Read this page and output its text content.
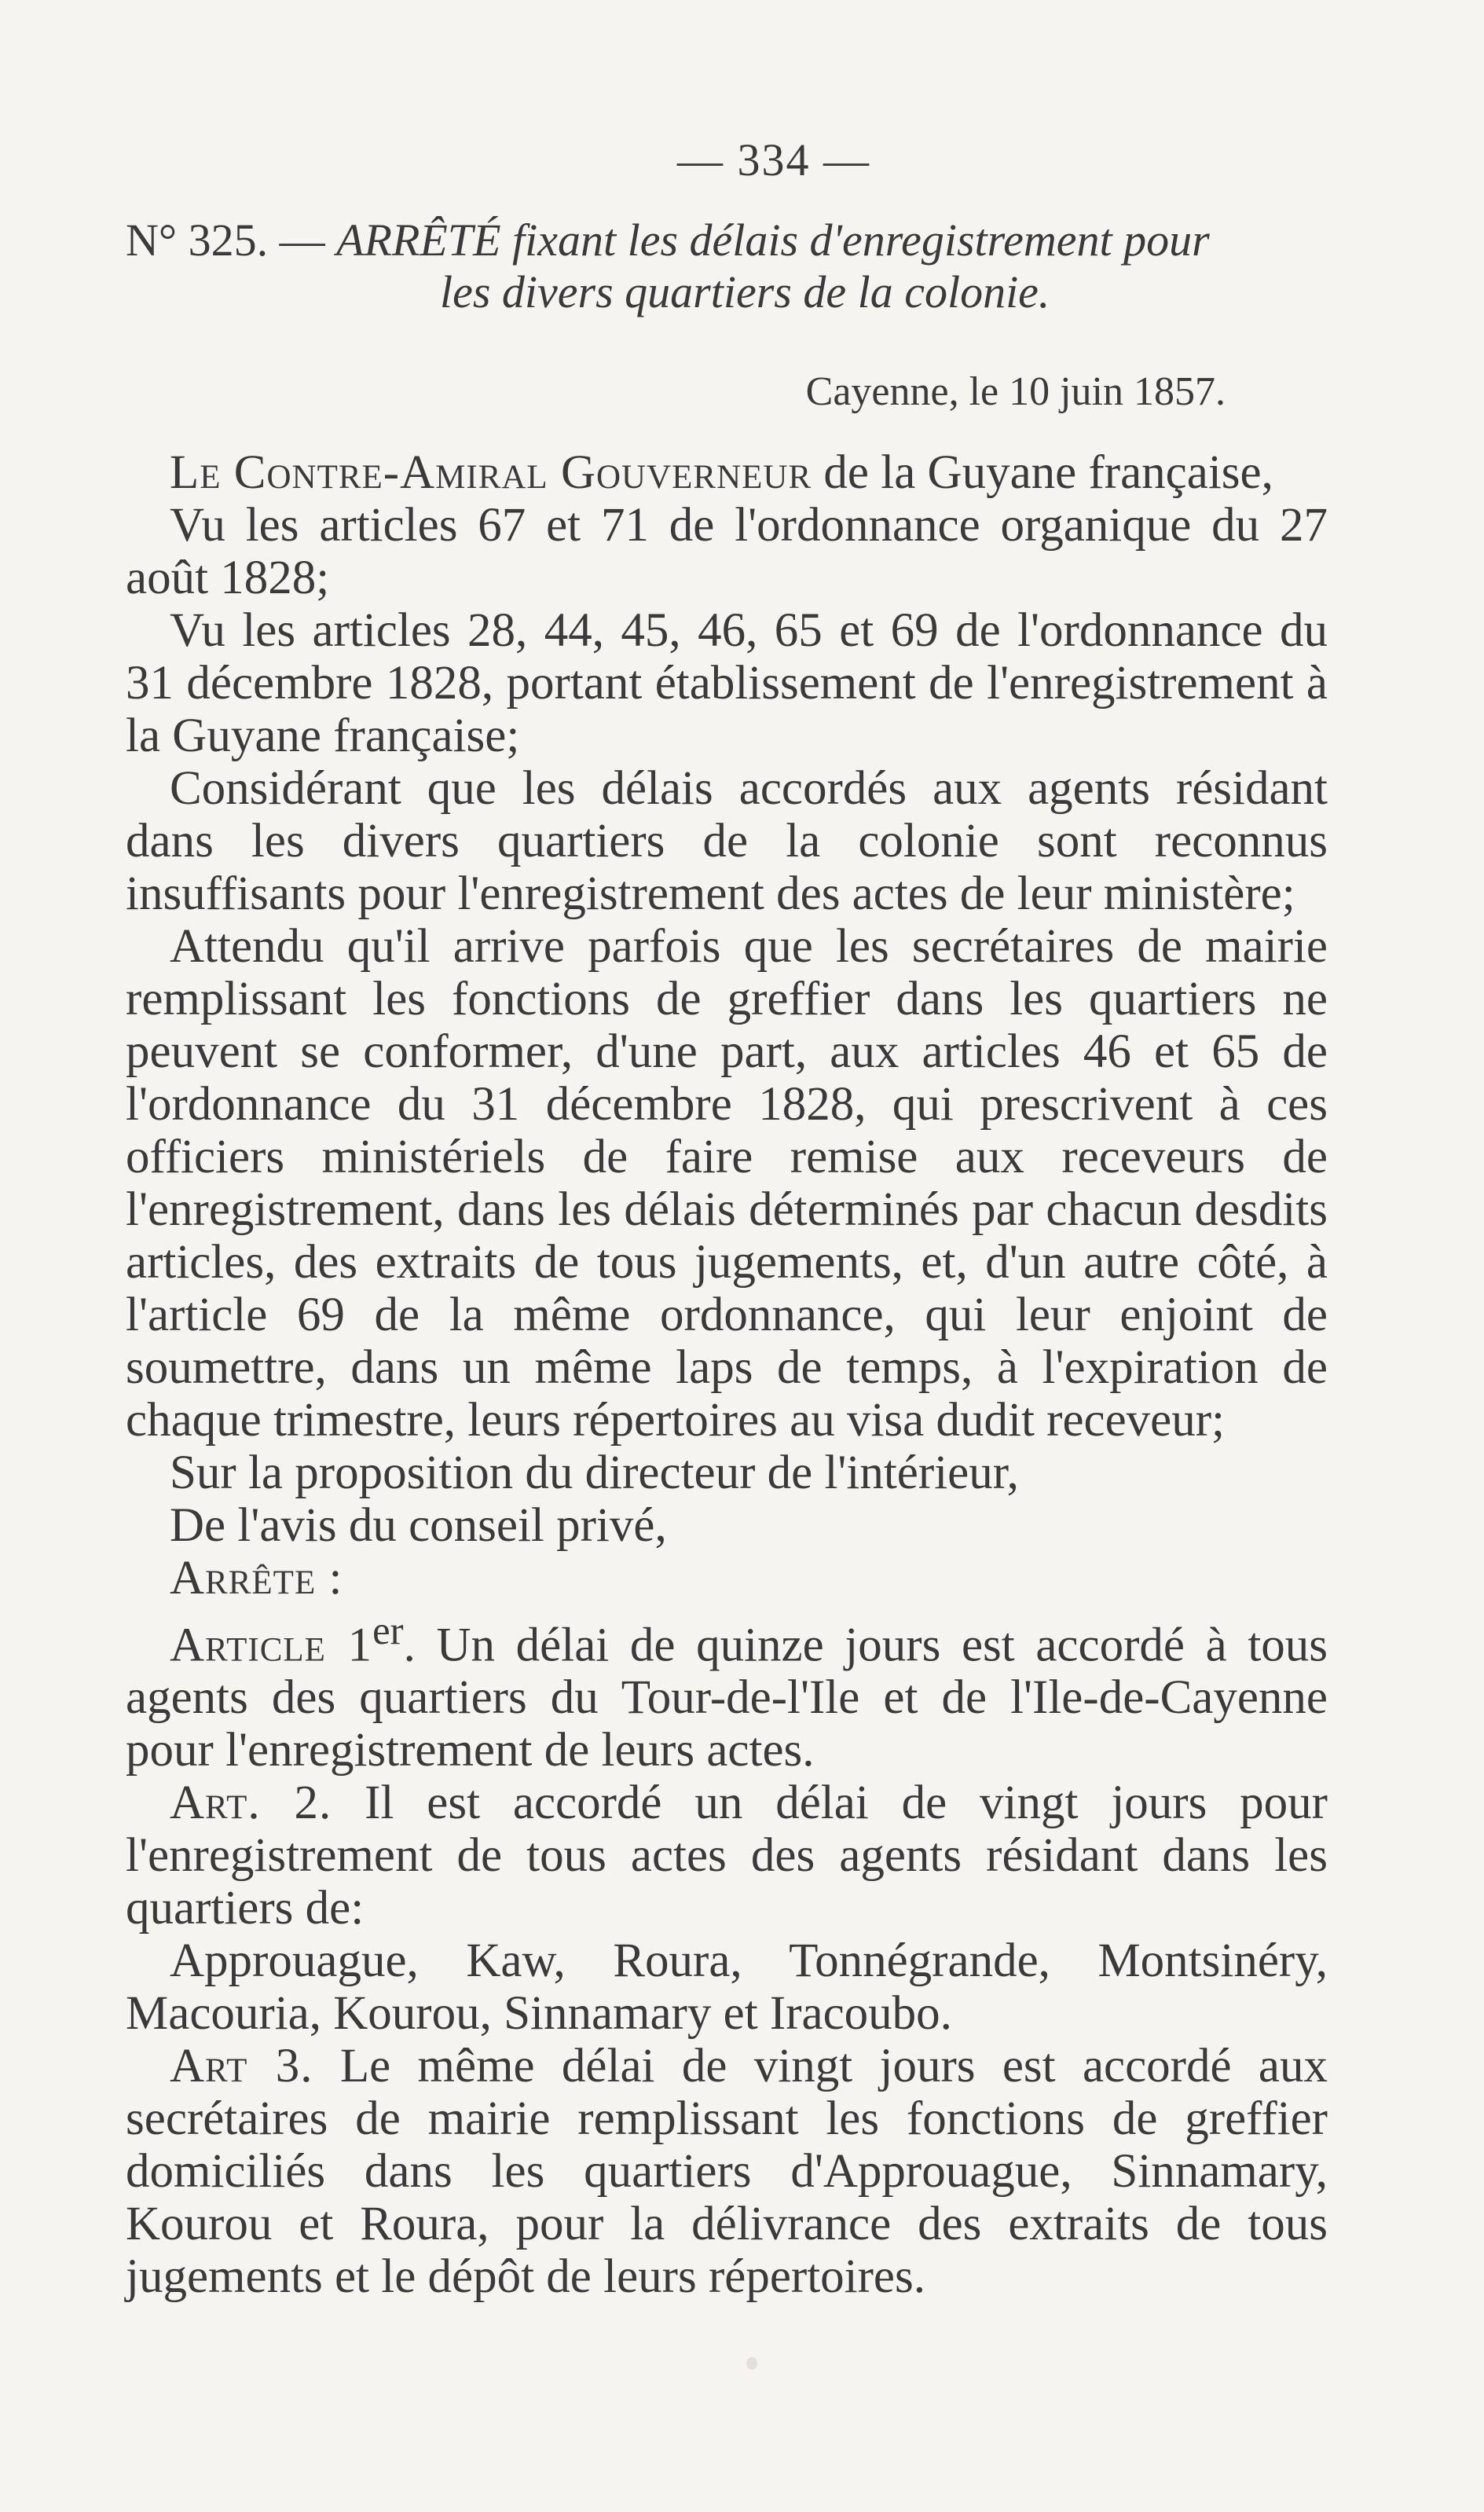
— 334 —
N° 325. — ARRÊTÉ fixant les délais d'enregistrement pour
les divers quartiers de la colonie.
Cayenne, le 10 juin 1857.

Le Contre-Amiral Gouverneur de la Guyane française,

Vu les articles 67 et 71 de l'ordonnance organique du 27 août 1828;

Vu les articles 28, 44, 45, 46, 65 et 69 de l'ordonnance du 31 décembre 1828, portant établissement de l'enregistrement à la Guyane française;

Considérant que les délais accordés aux agents résidant dans les divers quartiers de la colonie sont reconnus insuffisants pour l'enregistrement des actes de leur ministère;

Attendu qu'il arrive parfois que les secrétaires de mairie remplissant les fonctions de greffier dans les quartiers ne peuvent se conformer, d'une part, aux articles 46 et 65 de l'ordonnance du 31 décembre 1828, qui prescrivent à ces officiers ministériels de faire remise aux receveurs de l'enregistrement, dans les délais déterminés par chacun desdits articles, des extraits de tous jugements, et, d'un autre côté, à l'article 69 de la même ordonnance, qui leur enjoint de soumettre, dans un même laps de temps, à l'expiration de chaque trimestre, leurs répertoires au visa dudit receveur;

Sur la proposition du directeur de l'intérieur,

De l'avis du conseil privé,

Arrête :

Article 1er. Un délai de quinze jours est accordé à tous agents des quartiers du Tour-de-l'Ile et de l'Ile-de-Cayenne pour l'enregistrement de leurs actes.

Art. 2. Il est accordé un délai de vingt jours pour l'enregistrement de tous actes des agents résidant dans les quartiers de:

Approuague, Kaw, Roura, Tonnégrande, Montsinéry, Macouria, Kourou, Sinnamary et Iracoubo.

Art 3. Le même délai de vingt jours est accordé aux secrétaires de mairie remplissant les fonctions de greffier domiciliés dans les quartiers d'Approuague, Sinnamary, Kourou et Roura, pour la délivrance des extraits de tous jugements et le dépôt de leurs répertoires.
